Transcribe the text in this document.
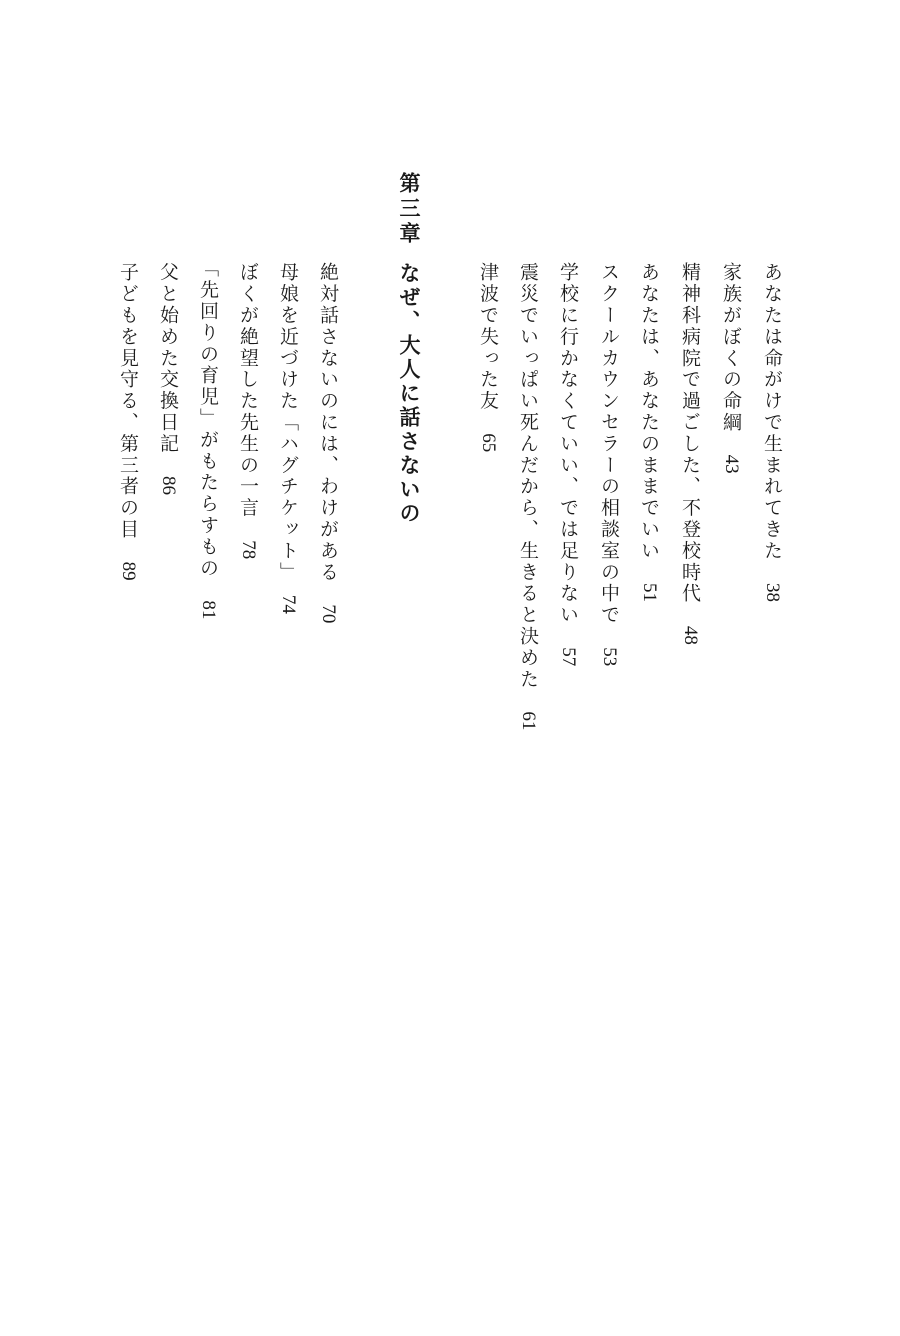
あなたは命がけで生まれてきた　38
家族がぼくの命綱　43
精神科病院で過ごした、不登校時代　48
あなたは、あなたのままでいい　51
スクールカウンセラーの相談室の中で　53
学校に行かなくていい、では足りない　57
震災でいっぱい死んだから、生きると決めた　61
津波で失った友　65
第三章
なぜ、大人に話さないの
絶対話さないのには、わけがある　70
母娘を近づけた「ハグチケット」　74
ぼくが絶望した先生の一言　78
「先回りの育児」がもたらすもの　81
父と始めた交換日記　86
子どもを見守る、第三者の目　89
